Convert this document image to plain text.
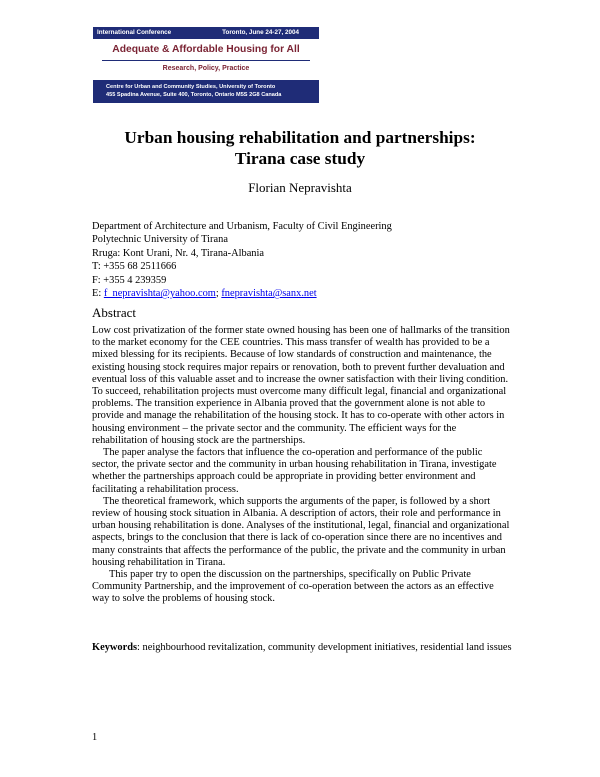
International Conference	Toronto, June 24-27, 2004
Adequate & Affordable Housing for All
Research, Policy, Practice
Centre for Urban and Community Studies, University of Toronto
455 Spadina Avenue, Suite 400, Toronto, Ontario M5S 2G8 Canada
Urban housing rehabilitation and partnerships:
Tirana case study
Florian Nepravishta
Department of Architecture and Urbanism, Faculty of Civil Engineering
Polytechnic University of Tirana
Rruga: Kont Urani, Nr. 4, Tirana-Albania
T: +355 68 2511666
F: +355 4 239359
E: f_nepravishta@yahoo.com; fnepravishta@sanx.net
Abstract

Low cost privatization of the former state owned housing has been one of hallmarks of the transition to the market economy for the CEE countries. This mass transfer of wealth has provided to be a mixed blessing for its recipients. Because of low standards of construction and maintenance, the existing housing stock requires major repairs or renovation, both to prevent further devaluation and eventual loss of this valuable asset and to increase the owner satisfaction with their living condition. To succeed, rehabilitation projects must overcome many difficult legal, financial and organizational problems. The transition experience in Albania proved that the government alone is not able to provide and manage the rehabilitation of the housing stock. It has to co-operate with other actors in housing environment – the private sector and the community. The efficient ways for the rehabilitation of housing stock are the partnerships.

The paper analyse the factors that influence the co-operation and performance of the public sector, the private sector and the community in urban housing rehabilitation in Tirana, investigate whether the partnerships approach could be appropriate in providing better environment and facilitating a rehabilitation process.

The theoretical framework, which supports the arguments of the paper, is followed by a short review of housing stock situation in Albania. A description of actors, their role and performance in urban housing rehabilitation is done. Analyses of the institutional, legal, financial and organizational aspects, brings to the conclusion that there is lack of co-operation since there are no incentives and many constraints that affects the performance of the public, the private and the community in urban housing rehabilitation in Tirana.

This paper try to open the discussion on the partnerships, specifically on Public Private Community Partnership, and the improvement of co-operation between the actors as an effective way to solve the problems of housing stock.

Keywords: neighbourhood revitalization, community development initiatives, residential land issues
1
